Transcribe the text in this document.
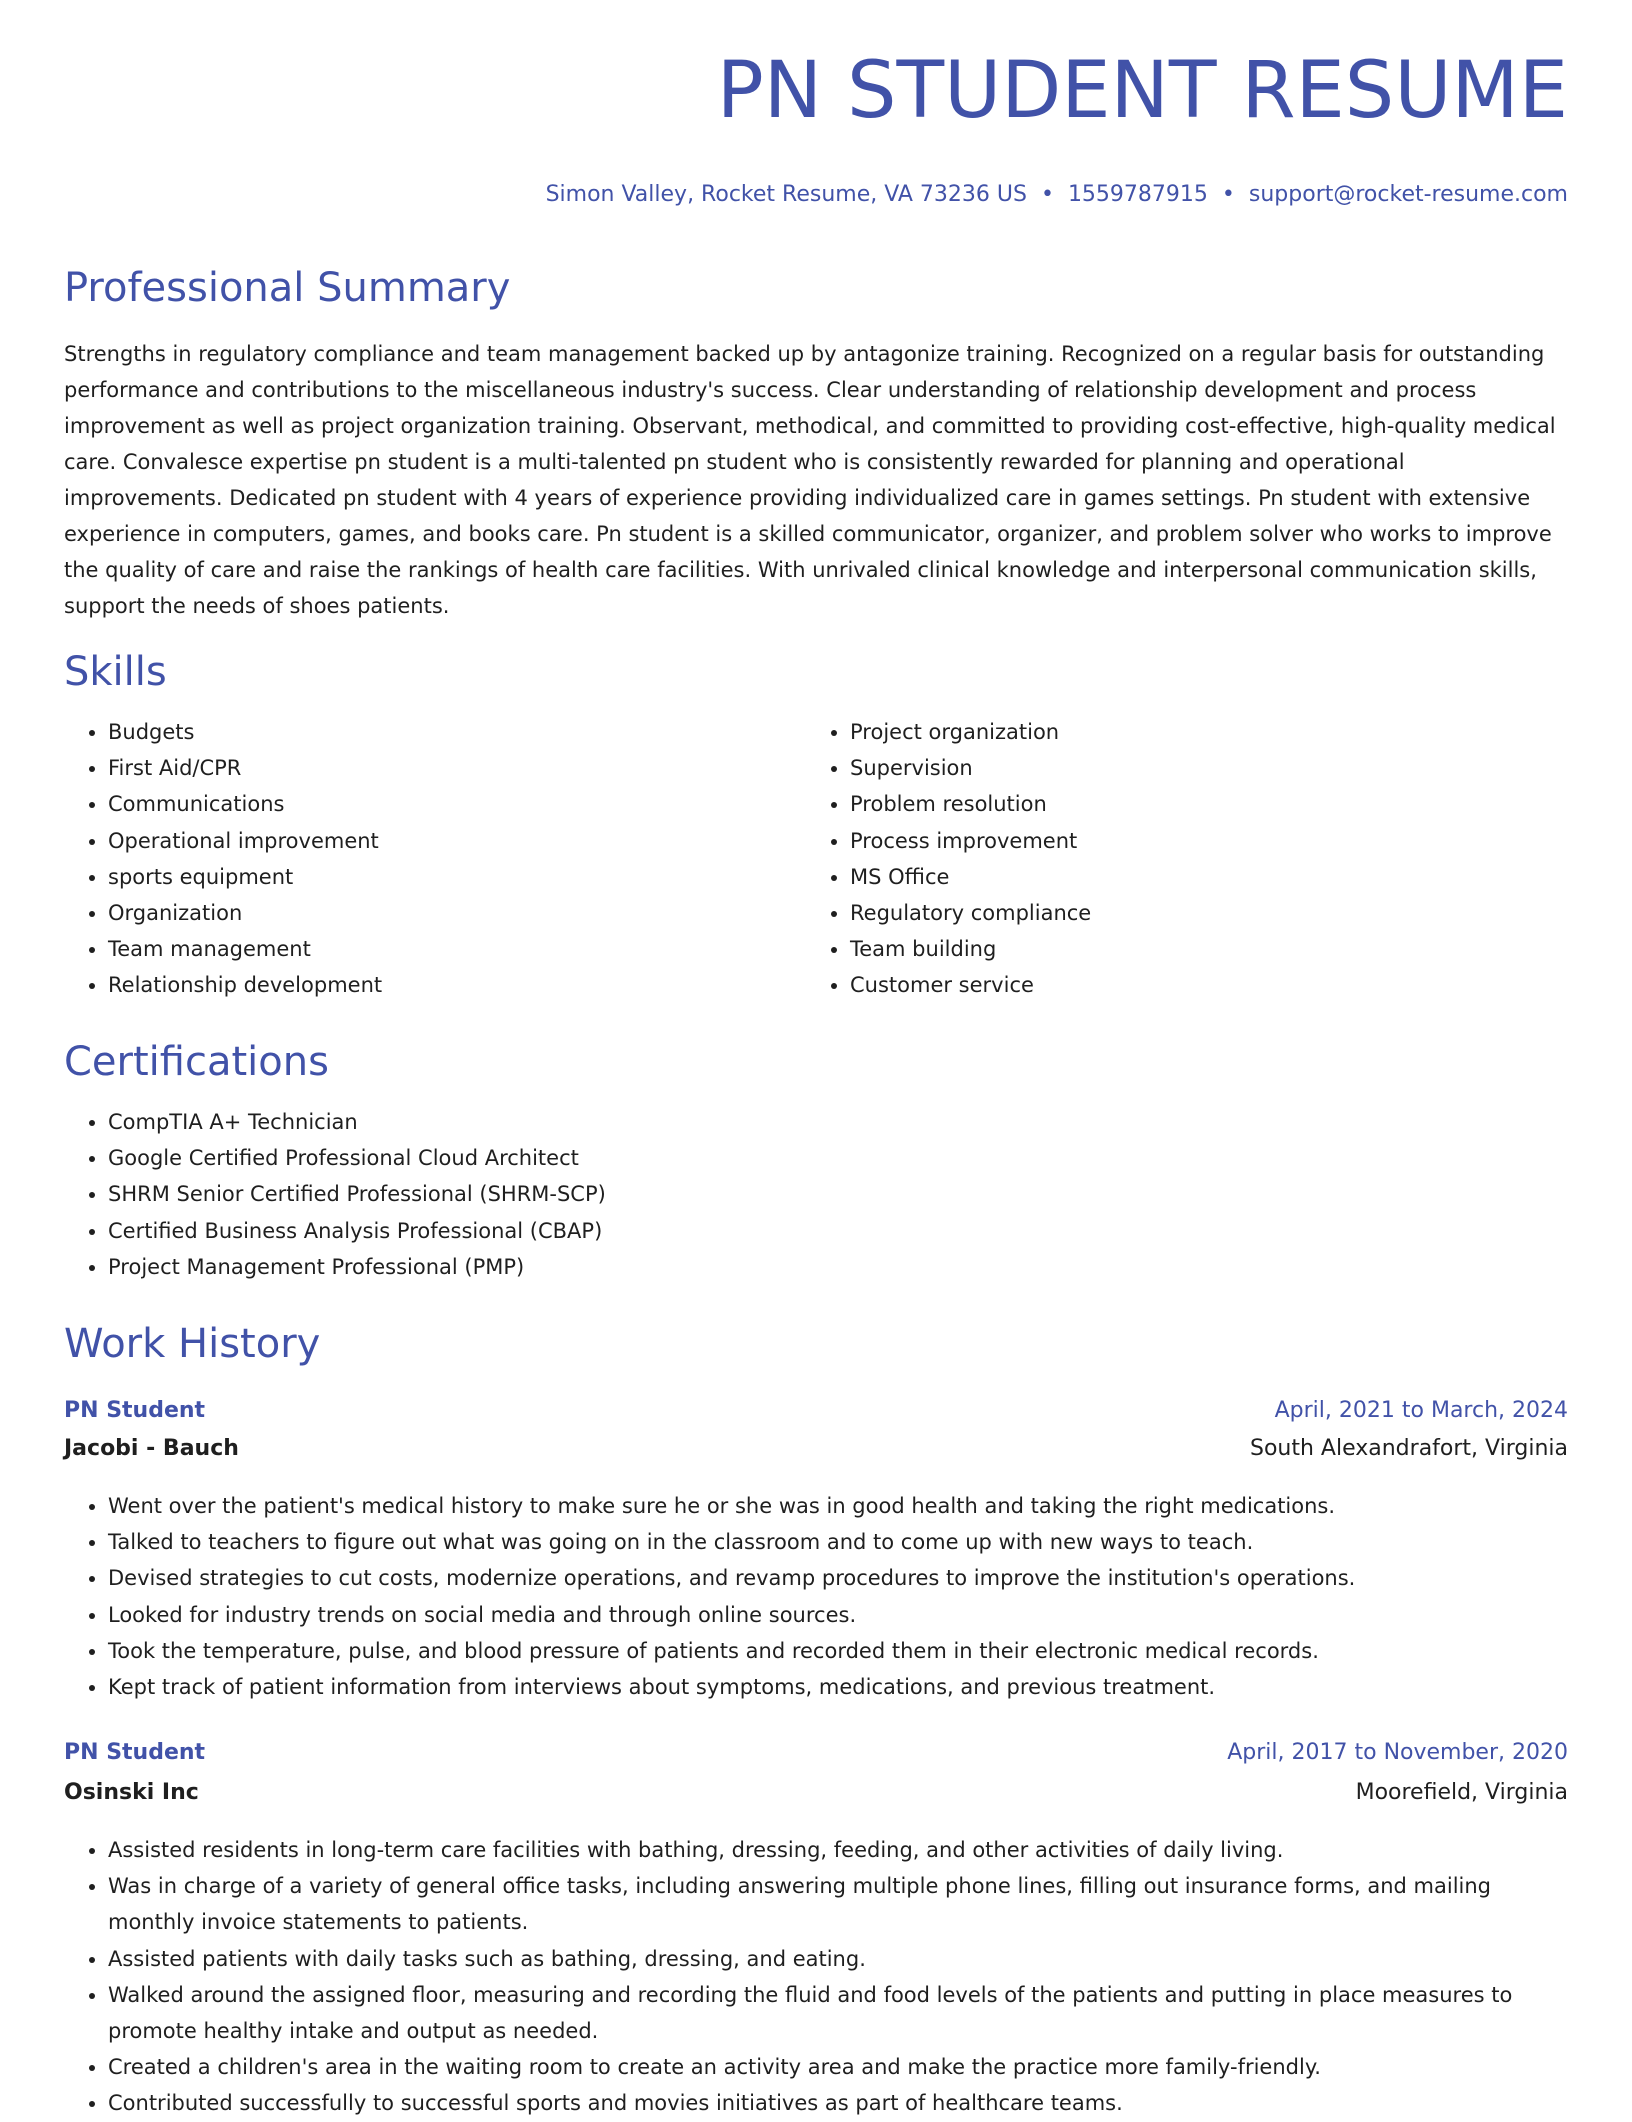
PN STUDENT RESUME
Simon Valley, Rocket Resume, VA 73236 US • 1559787915 • support@rocket-resume.com
Professional Summary

Strengths in regulatory compliance and team management backed up by antagonize training. Recognized on a regular basis for outstanding performance and contributions to the miscellaneous industry's success. Clear understanding of relationship development and process improvement as well as project organization training. Observant, methodical, and committed to providing cost-effective, high-quality medical care. Convalesce expertise pn student is a multi-talented pn student who is consistently rewarded for planning and operational improvements. Dedicated pn student with 4 years of experience providing individualized care in games settings. Pn student with extensive experience in computers, games, and books care. Pn student is a skilled communicator, organizer, and problem solver who works to improve the quality of care and raise the rankings of health care facilities. With unrivaled clinical knowledge and interpersonal communication skills, support the needs of shoes patients.

Skills
• Budgets
• First Aid/CPR
• Communications
• Operational improvement
• sports equipment
• Organization
• Team management
• Relationship development
• Project organization
• Supervision
• Problem resolution
• Process improvement
• MS Office
• Regulatory compliance
• Team building
• Customer service
Certifications
• CompTIA A+ Technician
• Google Certified Professional Cloud Architect
• SHRM Senior Certified Professional (SHRM-SCP)
• Certified Business Analysis Professional (CBAP)
• Project Management Professional (PMP)
Work History
PN Student	April, 2021 to March, 2024
Jacobi - Bauch	South Alexandrafort, Virginia
• Went over the patient's medical history to make sure he or she was in good health and taking the right medications.
• Talked to teachers to figure out what was going on in the classroom and to come up with new ways to teach.
• Devised strategies to cut costs, modernize operations, and revamp procedures to improve the institution's operations.
• Looked for industry trends on social media and through online sources.
• Took the temperature, pulse, and blood pressure of patients and recorded them in their electronic medical records.
• Kept track of patient information from interviews about symptoms, medications, and previous treatment.
PN Student	April, 2017 to November, 2020
Osinski Inc	Moorefield, Virginia
• Assisted residents in long-term care facilities with bathing, dressing, feeding, and other activities of daily living.
• Was in charge of a variety of general office tasks, including answering multiple phone lines, filling out insurance forms, and mailing monthly invoice statements to patients.
• Assisted patients with daily tasks such as bathing, dressing, and eating.
• Walked around the assigned floor, measuring and recording the fluid and food levels of the patients and putting in place measures to promote healthy intake and output as needed.
• Created a children's area in the waiting room to create an activity area and make the practice more family-friendly.
• Contributed successfully to successful sports and movies initiatives as part of healthcare teams.
